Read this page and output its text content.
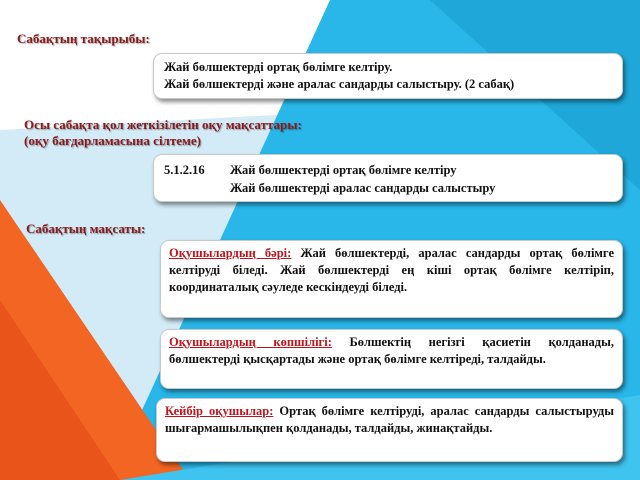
Сабақтың тақырыбы:

Жай бөлшектерді ортақ бөлімге келтіру.

Жай бөлшектерді және аралас сандарды салыстыру. (2 сабақ)

Осы сабақта қол жеткізілетін оқу мақсаттары:
(оқу бағдарламасына сілтеме)
5.1.2.16	Жай бөлшектерді ортақ бөлімге келтіру
Жай бөлшектерді аралас сандарды салыстыру
Сабақтың мақсаты:
Оқушылардың бәрі: Жай бөлшектерді, аралас сандарды ортақ бөлімге келтіруді біледі. Жай бөлшектерді ең кіші ортақ бөлімге келтіріп, координаталық сәуледе кескіндеуді біледі.
Оқушылардың көпшілігі: Бөлшектің негізгі қасиетін қолданады, бөлшектерді қысқартады және ортақ бөлімге келтіреді, талдайды.
Кейбір оқушылар: Ортақ бөлімге келтіруді, аралас сандарды салыстыруды шығармашылықпен қолданады, талдайды, жинақтайды.
